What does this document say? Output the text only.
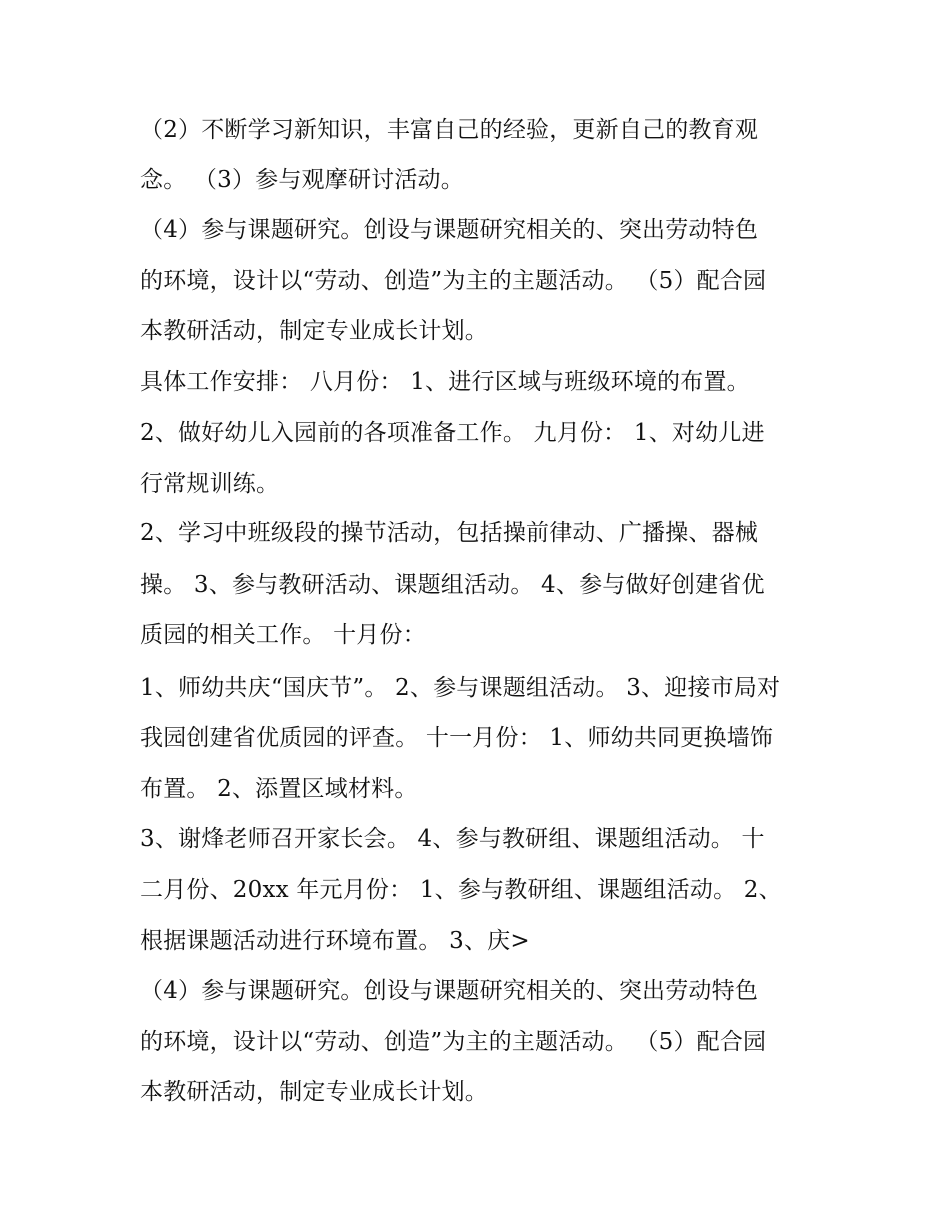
（2）不断学习新知识，丰富自己的经验，更新自己的教育观
念。 （3）参与观摩研讨活动。
（4）参与课题研究。创设与课题研究相关的、突出劳动特色
的环境，设计以“劳动、创造”为主的主题活动。 （5）配合园
本教研活动，制定专业成长计划。
具体工作安排： 八月份： 1、进行区域与班级环境的布置。
2、做好幼儿入园前的各项准备工作。 九月份： 1、对幼儿进
行常规训练。
2、学习中班级段的操节活动，包括操前律动、广播操、器械
操。 3、参与教研活动、课题组活动。 4、参与做好创建省优
质园的相关工作。 十月份：
1、师幼共庆“国庆节”。 2、参与课题组活动。 3、迎接市局对
我园创建省优质园的评查。 十一月份： 1、师幼共同更换墙饰
布置。 2、添置区域材料。
3、谢烽老师召开家长会。 4、参与教研组、课题组活动。 十
二月份、20xx 年元月份： 1、参与教研组、课题组活动。 2、
根据课题活动进行环境布置。 3、庆>
（4）参与课题研究。创设与课题研究相关的、突出劳动特色
的环境，设计以“劳动、创造”为主的主题活动。 （5）配合园
本教研活动，制定专业成长计划。
